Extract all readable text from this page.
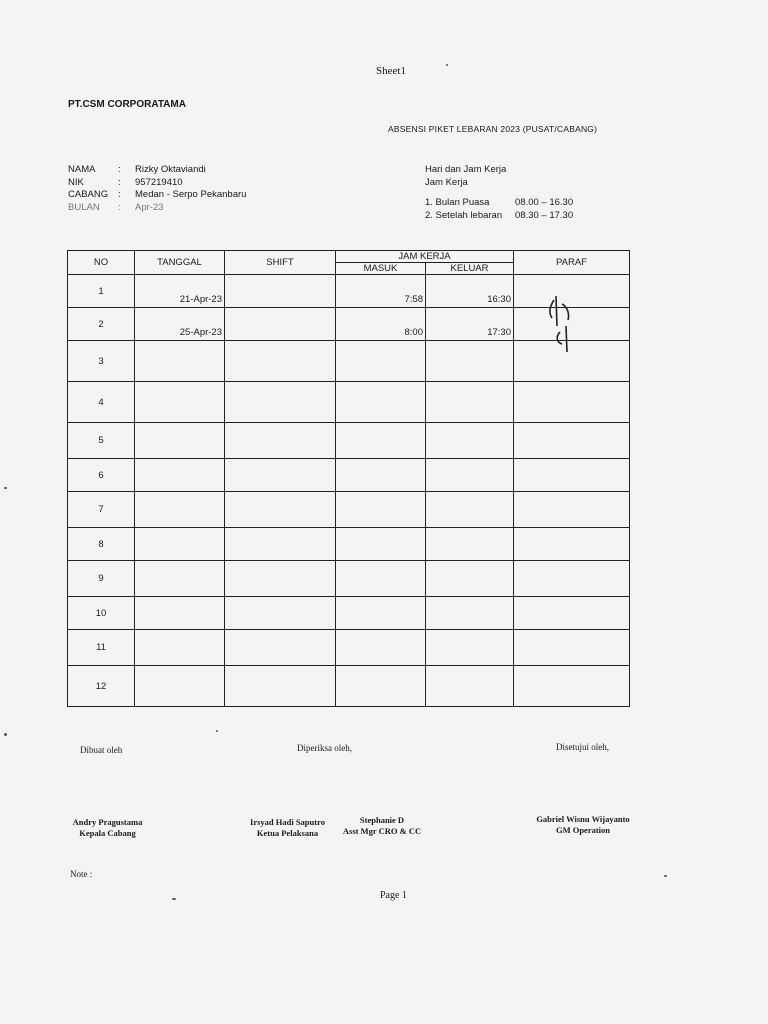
Sheet1
PT.CSM CORPORATAMA
ABSENSI PIKET LEBARAN 2023 (PUSAT/CABANG)
NAMA	:	Rizky Oktaviandi
NIK	:	957219410
CABANG	:	Medan - Serpo Pekanbaru
BULAN	:	Apr-23
Hari dan Jam Kerja
Jam Kerja
1. Bulan Puasa	08.00 – 16.30
2. Setelah lebaran	08.30 – 17.30
NO	TANGGAL	SHIFT	JAM KERJA		PARAF
			MASUK	KELUAR	
1	21-Apr-23		7:58	16:30	
2	25-Apr-23		8:00	17:30	
3					
4					
5					
6					
7					
8					
9					
10					
11					
12					
Dibuat oleh	Diperiksa oleh,	Disetujui oleh,
Andry Pragustama
Kepala Cabang
Irsyad Hadi Saputro
Ketua Pelaksana
Stephanie D
Asst Mgr CRO & CC
Gabriel Wisnu Wijayanto
GM Operation
Note :
Page 1
